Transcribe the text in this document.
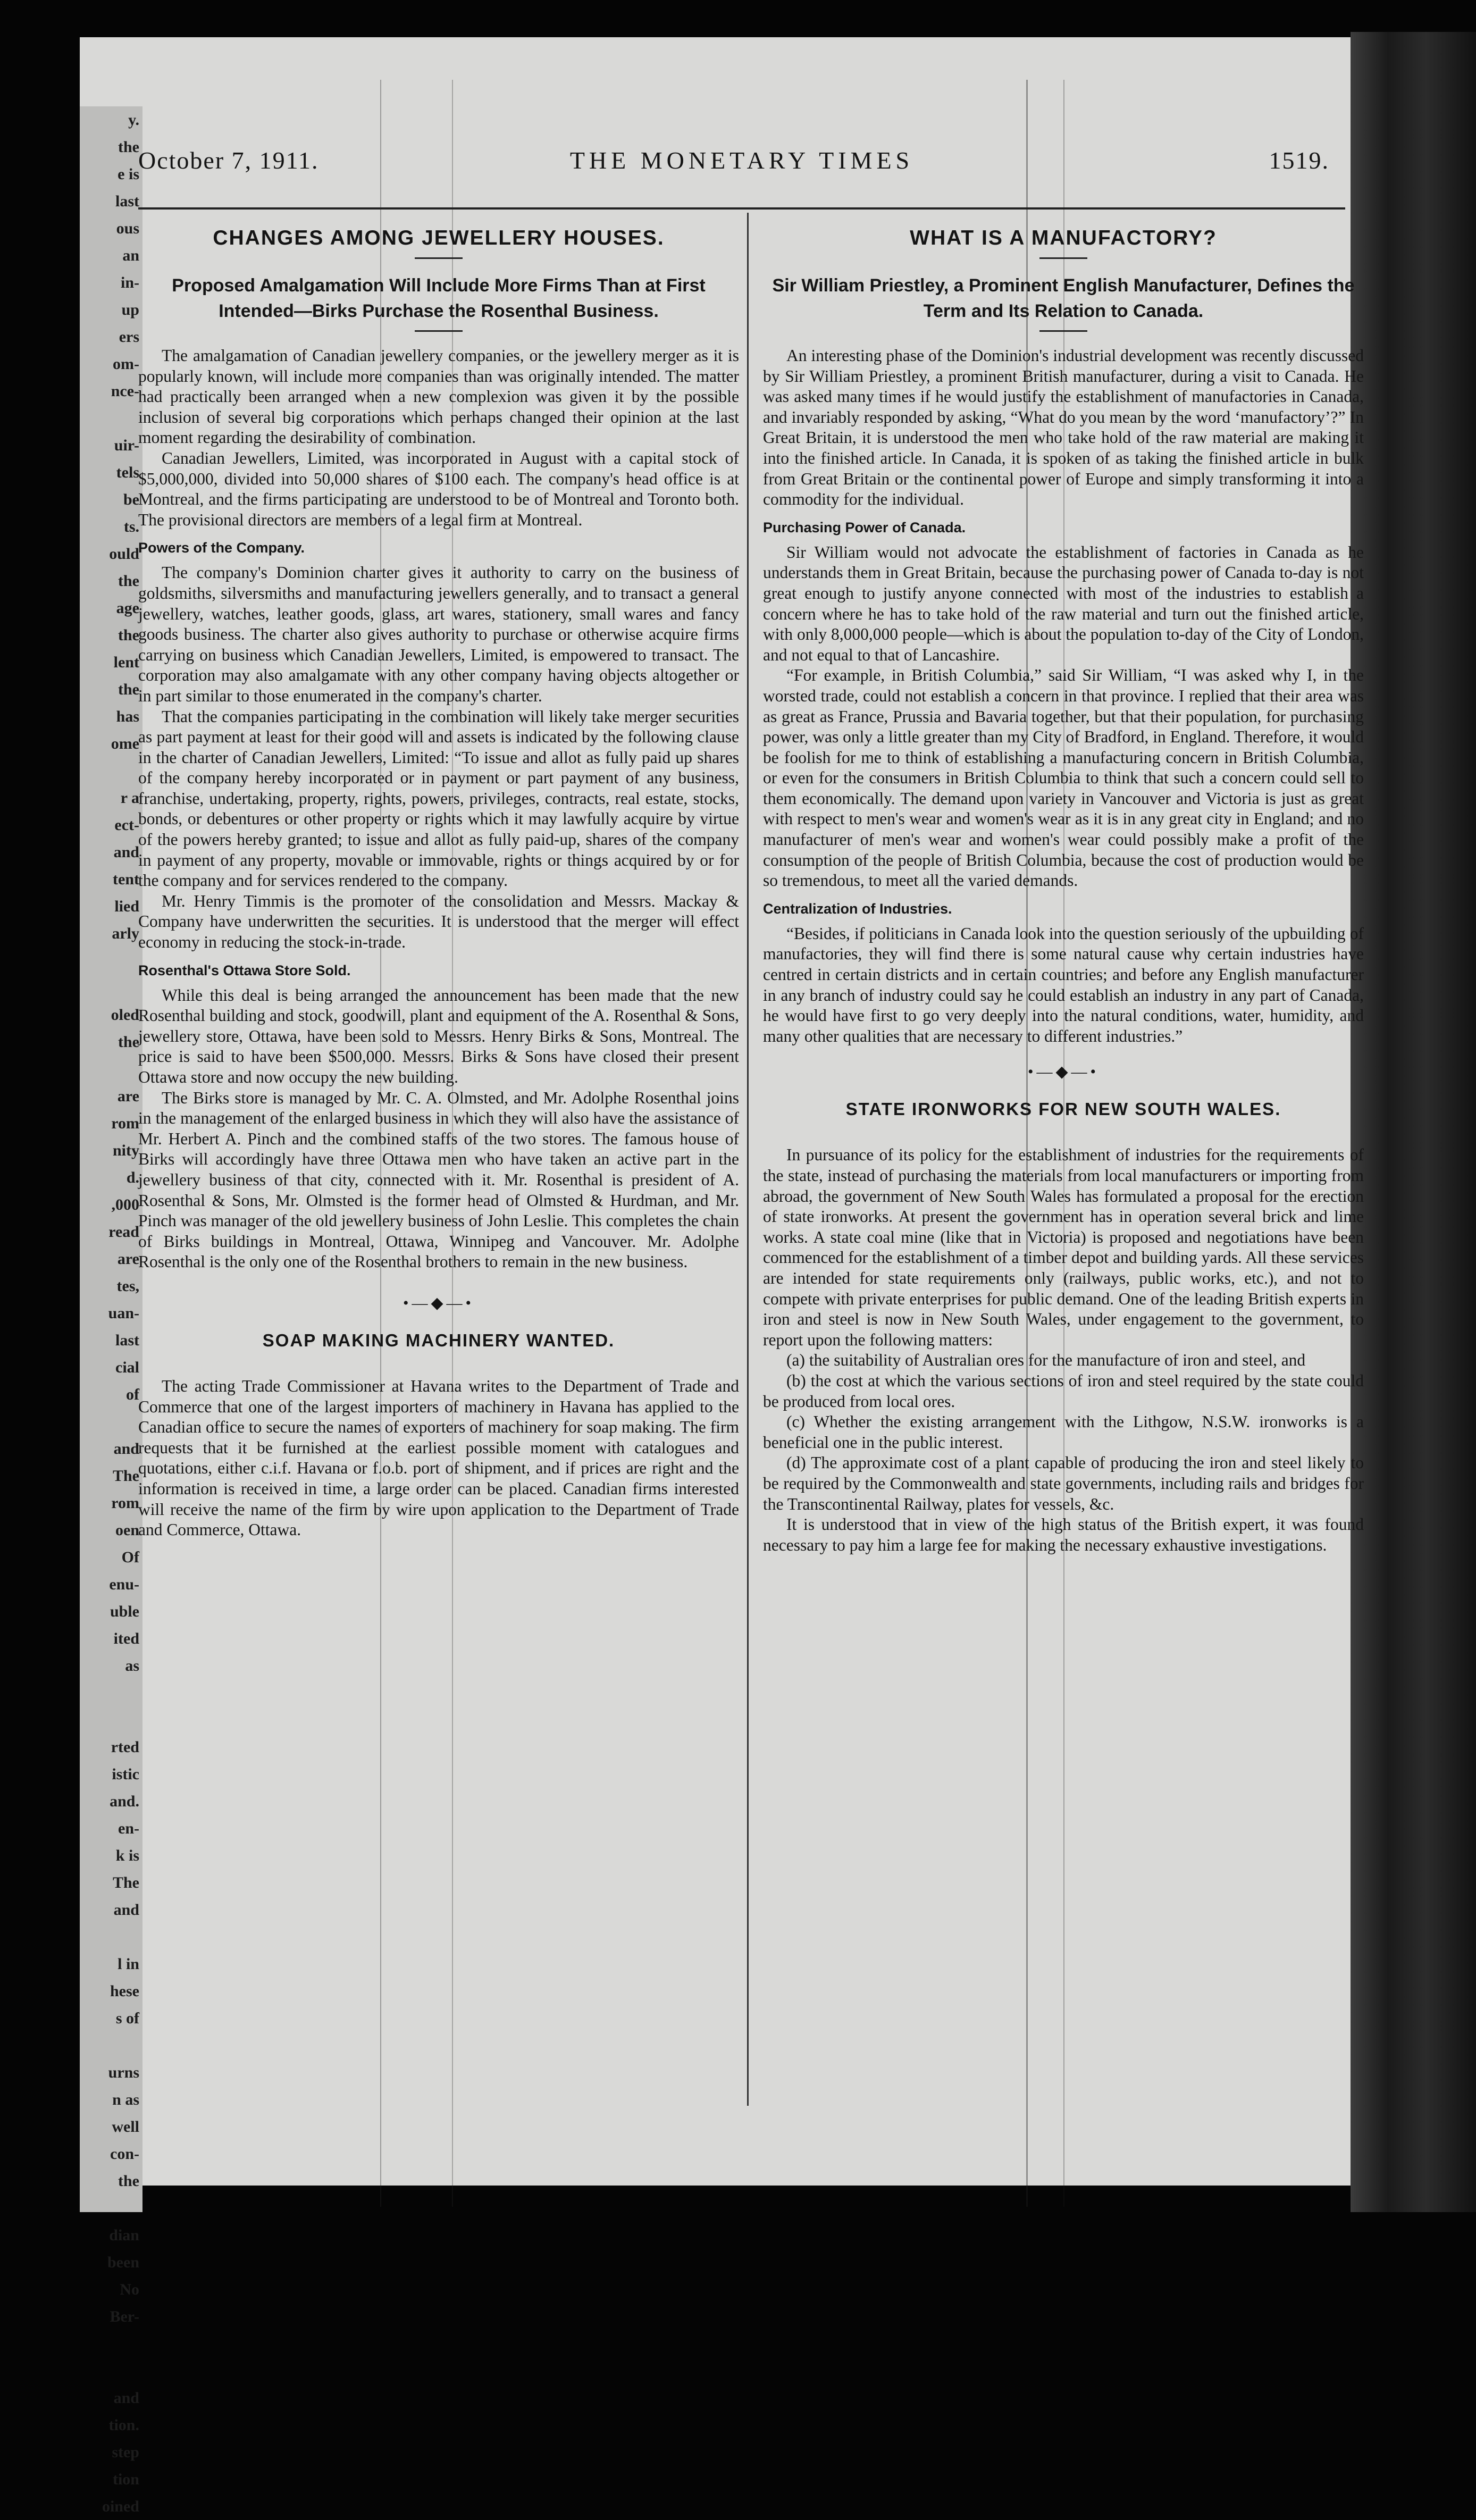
y.
the
e is
last
ous
an
in-
up
ers
om-
nce-

uir-
tels
be
ts.
ould
the
age
the
lent
the
has
ome

r a
ect-
and
tent
lied
arly

oled
the

are
rom
nity
d.
,000
read
are
tes,
uan-
last
cial
of

and
The
rom
oen
Of
enu-
uble
ited
as

rted
istic
and.
en-
k is
The
and

l in
hese
s of

urns
n as
well
con-
the

dian
been
No
Ber-

and
tion.
step
tion
oined
October 7, 1911.	THE MONETARY TIMES	1519.
CHANGES AMONG JEWELLERY HOUSES.
Proposed Amalgamation Will Include More Firms Than at First Intended—Birks Purchase the Rosenthal Business.

The amalgamation of Canadian jewellery companies, or the jewellery merger as it is popularly known, will include more companies than was originally intended. The matter had practically been arranged when a new complexion was given it by the possible inclusion of several big corporations which perhaps changed their opinion at the last moment regarding the desirability of combination.

Canadian Jewellers, Limited, was incorporated in August with a capital stock of $5,000,000, divided into 50,000 shares of $100 each. The company's head office is at Montreal, and the firms participating are understood to be of Montreal and Toronto both. The provisional directors are members of a legal firm at Montreal.

Powers of the Company.

The company's Dominion charter gives it authority to carry on the business of goldsmiths, silversmiths and manufacturing jewellers generally, and to transact a general jewellery, watches, leather goods, glass, art wares, stationery, small wares and fancy goods business. The charter also gives authority to purchase or otherwise acquire firms carrying on business which Canadian Jewellers, Limited, is empowered to transact. The corporation may also amalgamate with any other company having objects altogether or in part similar to those enumerated in the company's charter.

That the companies participating in the combination will likely take merger securities as part payment at least for their good will and assets is indicated by the following clause in the charter of Canadian Jewellers, Limited: “To issue and allot as fully paid up shares of the company hereby incorporated or in payment or part payment of any business, franchise, undertaking, property, rights, powers, privileges, contracts, real estate, stocks, bonds, or debentures or other property or rights which it may lawfully acquire by virtue of the powers hereby granted; to issue and allot as fully paid-up, shares of the company in payment of any property, movable or immovable, rights or things acquired by or for the company and for services rendered to the company.

Mr. Henry Timmis is the promoter of the consolidation and Messrs. Mackay & Company have underwritten the securities. It is understood that the merger will effect economy in reducing the stock-in-trade.

Rosenthal's Ottawa Store Sold.

While this deal is being arranged the announcement has been made that the new Rosenthal building and stock, goodwill, plant and equipment of the A. Rosenthal & Sons, jewellery store, Ottawa, have been sold to Messrs. Henry Birks & Sons, Montreal. The price is said to have been $500,000. Messrs. Birks & Sons have closed their present Ottawa store and now occupy the new building.

The Birks store is managed by Mr. C. A. Olmsted, and Mr. Adolphe Rosenthal joins in the management of the enlarged business in which they will also have the assistance of Mr. Herbert A. Pinch and the combined staffs of the two stores. The famous house of Birks will accordingly have three Ottawa men who have taken an active part in the jewellery business of that city, connected with it. Mr. Rosenthal is president of A. Rosenthal & Sons, Mr. Olmsted is the former head of Olmsted & Hurdman, and Mr. Pinch was manager of the old jewellery business of John Leslie. This completes the chain of Birks buildings in Montreal, Ottawa, Winnipeg and Vancouver. Mr. Adolphe Rosenthal is the only one of the Rosenthal brothers to remain in the new business.

•—◆—•
SOAP MAKING MACHINERY WANTED.

The acting Trade Commissioner at Havana writes to the Department of Trade and Commerce that one of the largest importers of machinery in Havana has applied to the Canadian office to secure the names of exporters of machinery for soap making. The firm requests that it be furnished at the earliest possible moment with catalogues and quotations, either c.i.f. Havana or f.o.b. port of shipment, and if prices are right and the information is received in time, a large order can be placed. Canadian firms interested will receive the name of the firm by wire upon application to the Department of Trade and Commerce, Ottawa.

WHAT IS A MANUFACTORY?
Sir William Priestley, a Prominent English Manufacturer, Defines the Term and Its Relation to Canada.

An interesting phase of the Dominion's industrial development was recently discussed by Sir William Priestley, a prominent British manufacturer, during a visit to Canada. He was asked many times if he would justify the establishment of manufactories in Canada, and invariably responded by asking, “What do you mean by the word ‘manufactory’?” In Great Britain, it is understood the men who take hold of the raw material are making it into the finished article. In Canada, it is spoken of as taking the finished article in bulk from Great Britain or the continental power of Europe and simply transforming it into a commodity for the individual.

Purchasing Power of Canada.

Sir William would not advocate the establishment of factories in Canada as he understands them in Great Britain, because the purchasing power of Canada to-day is not great enough to justify anyone connected with most of the industries to establish a concern where he has to take hold of the raw material and turn out the finished article, with only 8,000,000 people—which is about the population to-day of the City of London, and not equal to that of Lancashire.

“For example, in British Columbia,” said Sir William, “I was asked why I, in the worsted trade, could not establish a concern in that province. I replied that their area was as great as France, Prussia and Bavaria together, but that their population, for purchasing power, was only a little greater than my City of Bradford, in England. Therefore, it would be foolish for me to think of establishing a manufacturing concern in British Columbia, or even for the consumers in British Columbia to think that such a concern could sell to them economically. The demand upon variety in Vancouver and Victoria is just as great with respect to men's wear and women's wear as it is in any great city in England; and no manufacturer of men's wear and women's wear could possibly make a profit of the consumption of the people of British Columbia, because the cost of production would be so tremendous, to meet all the varied demands.

Centralization of Industries.

“Besides, if politicians in Canada look into the question seriously of the upbuilding of manufactories, they will find there is some natural cause why certain industries have centred in certain districts and in certain countries; and before any English manufacturer in any branch of industry could say he could establish an industry in any part of Canada, he would have first to go very deeply into the natural conditions, water, humidity, and many other qualities that are necessary to different industries.”

•—◆—•
STATE IRONWORKS FOR NEW SOUTH WALES.

In pursuance of its policy for the establishment of industries for the requirements of the state, instead of purchasing the materials from local manufacturers or importing from abroad, the government of New South Wales has formulated a proposal for the erection of state ironworks. At present the government has in operation several brick and lime works. A state coal mine (like that in Victoria) is proposed and negotiations have been commenced for the establishment of a timber depot and building yards. All these services are intended for state requirements only (railways, public works, etc.), and not to compete with private enterprises for public demand. One of the leading British experts in iron and steel is now in New South Wales, under engagement to the government, to report upon the following matters:

(a) the suitability of Australian ores for the manufacture of iron and steel, and

(b) the cost at which the various sections of iron and steel required by the state could be produced from local ores.

(c) Whether the existing arrangement with the Lithgow, N.S.W. ironworks is a beneficial one in the public interest.

(d) The approximate cost of a plant capable of producing the iron and steel likely to be required by the Commonwealth and state governments, including rails and bridges for the Transcontinental Railway, plates for vessels, &c.

It is understood that in view of the high status of the British expert, it was found necessary to pay him a large fee for making the necessary exhaustive investigations.
